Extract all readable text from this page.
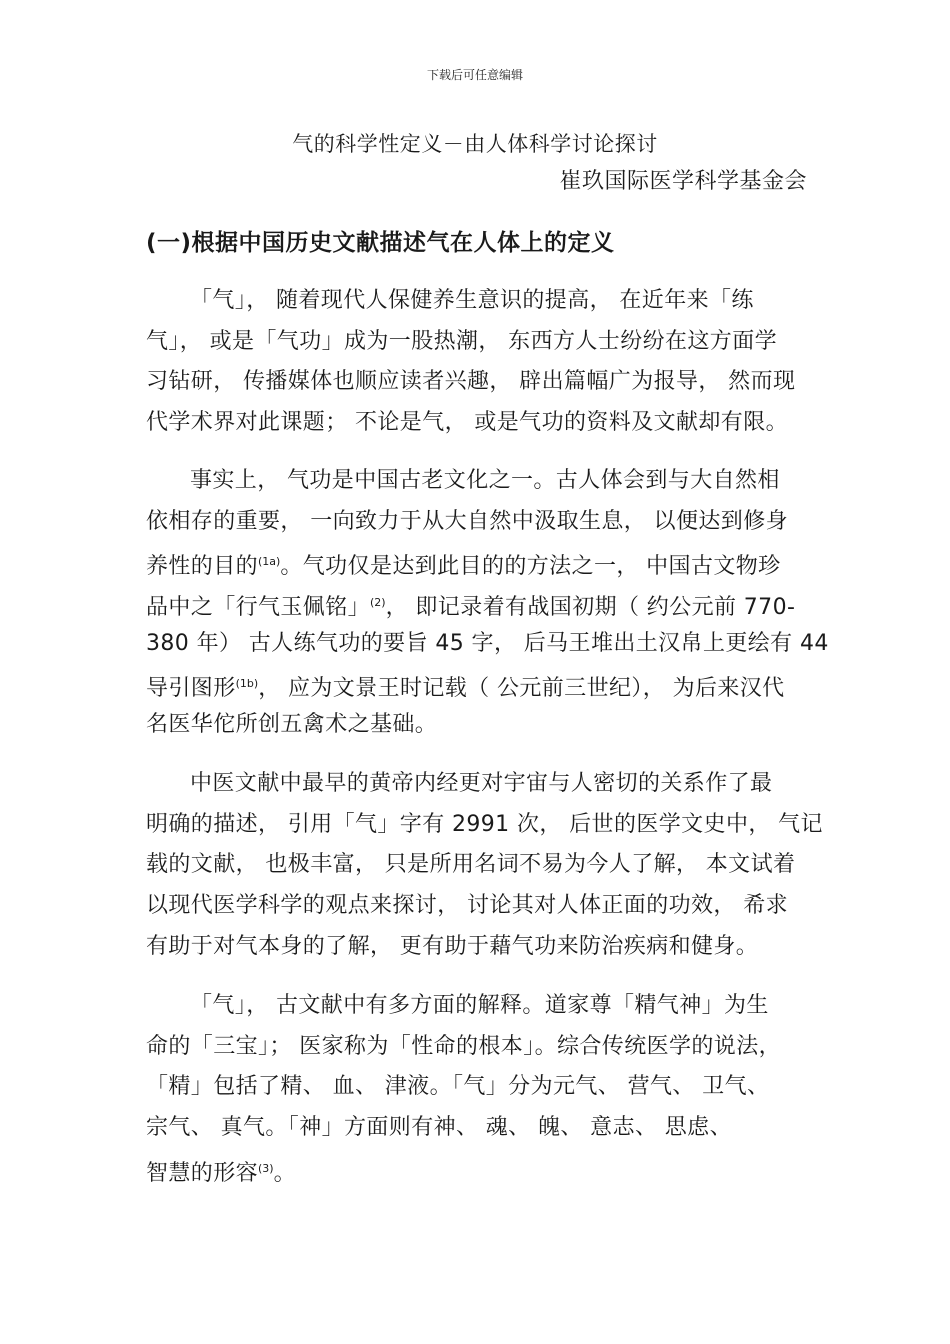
下载后可任意编辑
气的科学性定义－由人体科学讨论探讨
崔玖国际医学科学基金会
(一)根据中国历史文献描述气在人体上的定义
「气」， 随着现代人保健养生意识的提高， 在近年来「练
气」， 或是「气功」成为一股热潮， 东西方人士纷纷在这方面学
习钻研， 传播媒体也顺应读者兴趣， 辟出篇幅广为报导， 然而现
代学术界对此课题； 不论是气， 或是气功的资料及文献却有限。
事实上， 气功是中国古老文化之一。古人体会到与大自然相
依相存的重要， 一向致力于从大自然中汲取生息， 以便达到修身
养性的目的$^{(1a)}$。气功仅是达到此目的的方法之一， 中国古文物珍
品中之「行气玉佩铭」$^{(2)}$， 即记录着有战国初期（ 约公元前 770-
380 年） 古人练气功的要旨 45 字， 后马王堆出土汉帛上更绘有 44
导引图形$^{(1b)}$， 应为文景王时记载（ 公元前三世纪）， 为后来汉代
名医华佗所创五禽术之基础。
中医文献中最早的黄帝内经更对宇宙与人密切的关系作了最
明确的描述， 引用「气」字有 2991 次， 后世的医学文史中， 气记
载的文献， 也极丰富， 只是所用名词不易为今人了解， 本文试着
以现代医学科学的观点来探讨， 讨论其对人体正面的功效， 希求
有助于对气本身的了解， 更有助于藉气功来防治疾病和健身。
「气」， 古文献中有多方面的解释。道家尊「精气神」为生
命的「三宝」； 医家称为「性命的根本」。综合传统医学的说法，
「精」包括了精、 血、 津液。「气」分为元气、 营气、 卫气、
宗气、 真气。「神」方面则有神、 魂、 魄、 意志、 思虑、
智慧的形容$^{(3)}$。
